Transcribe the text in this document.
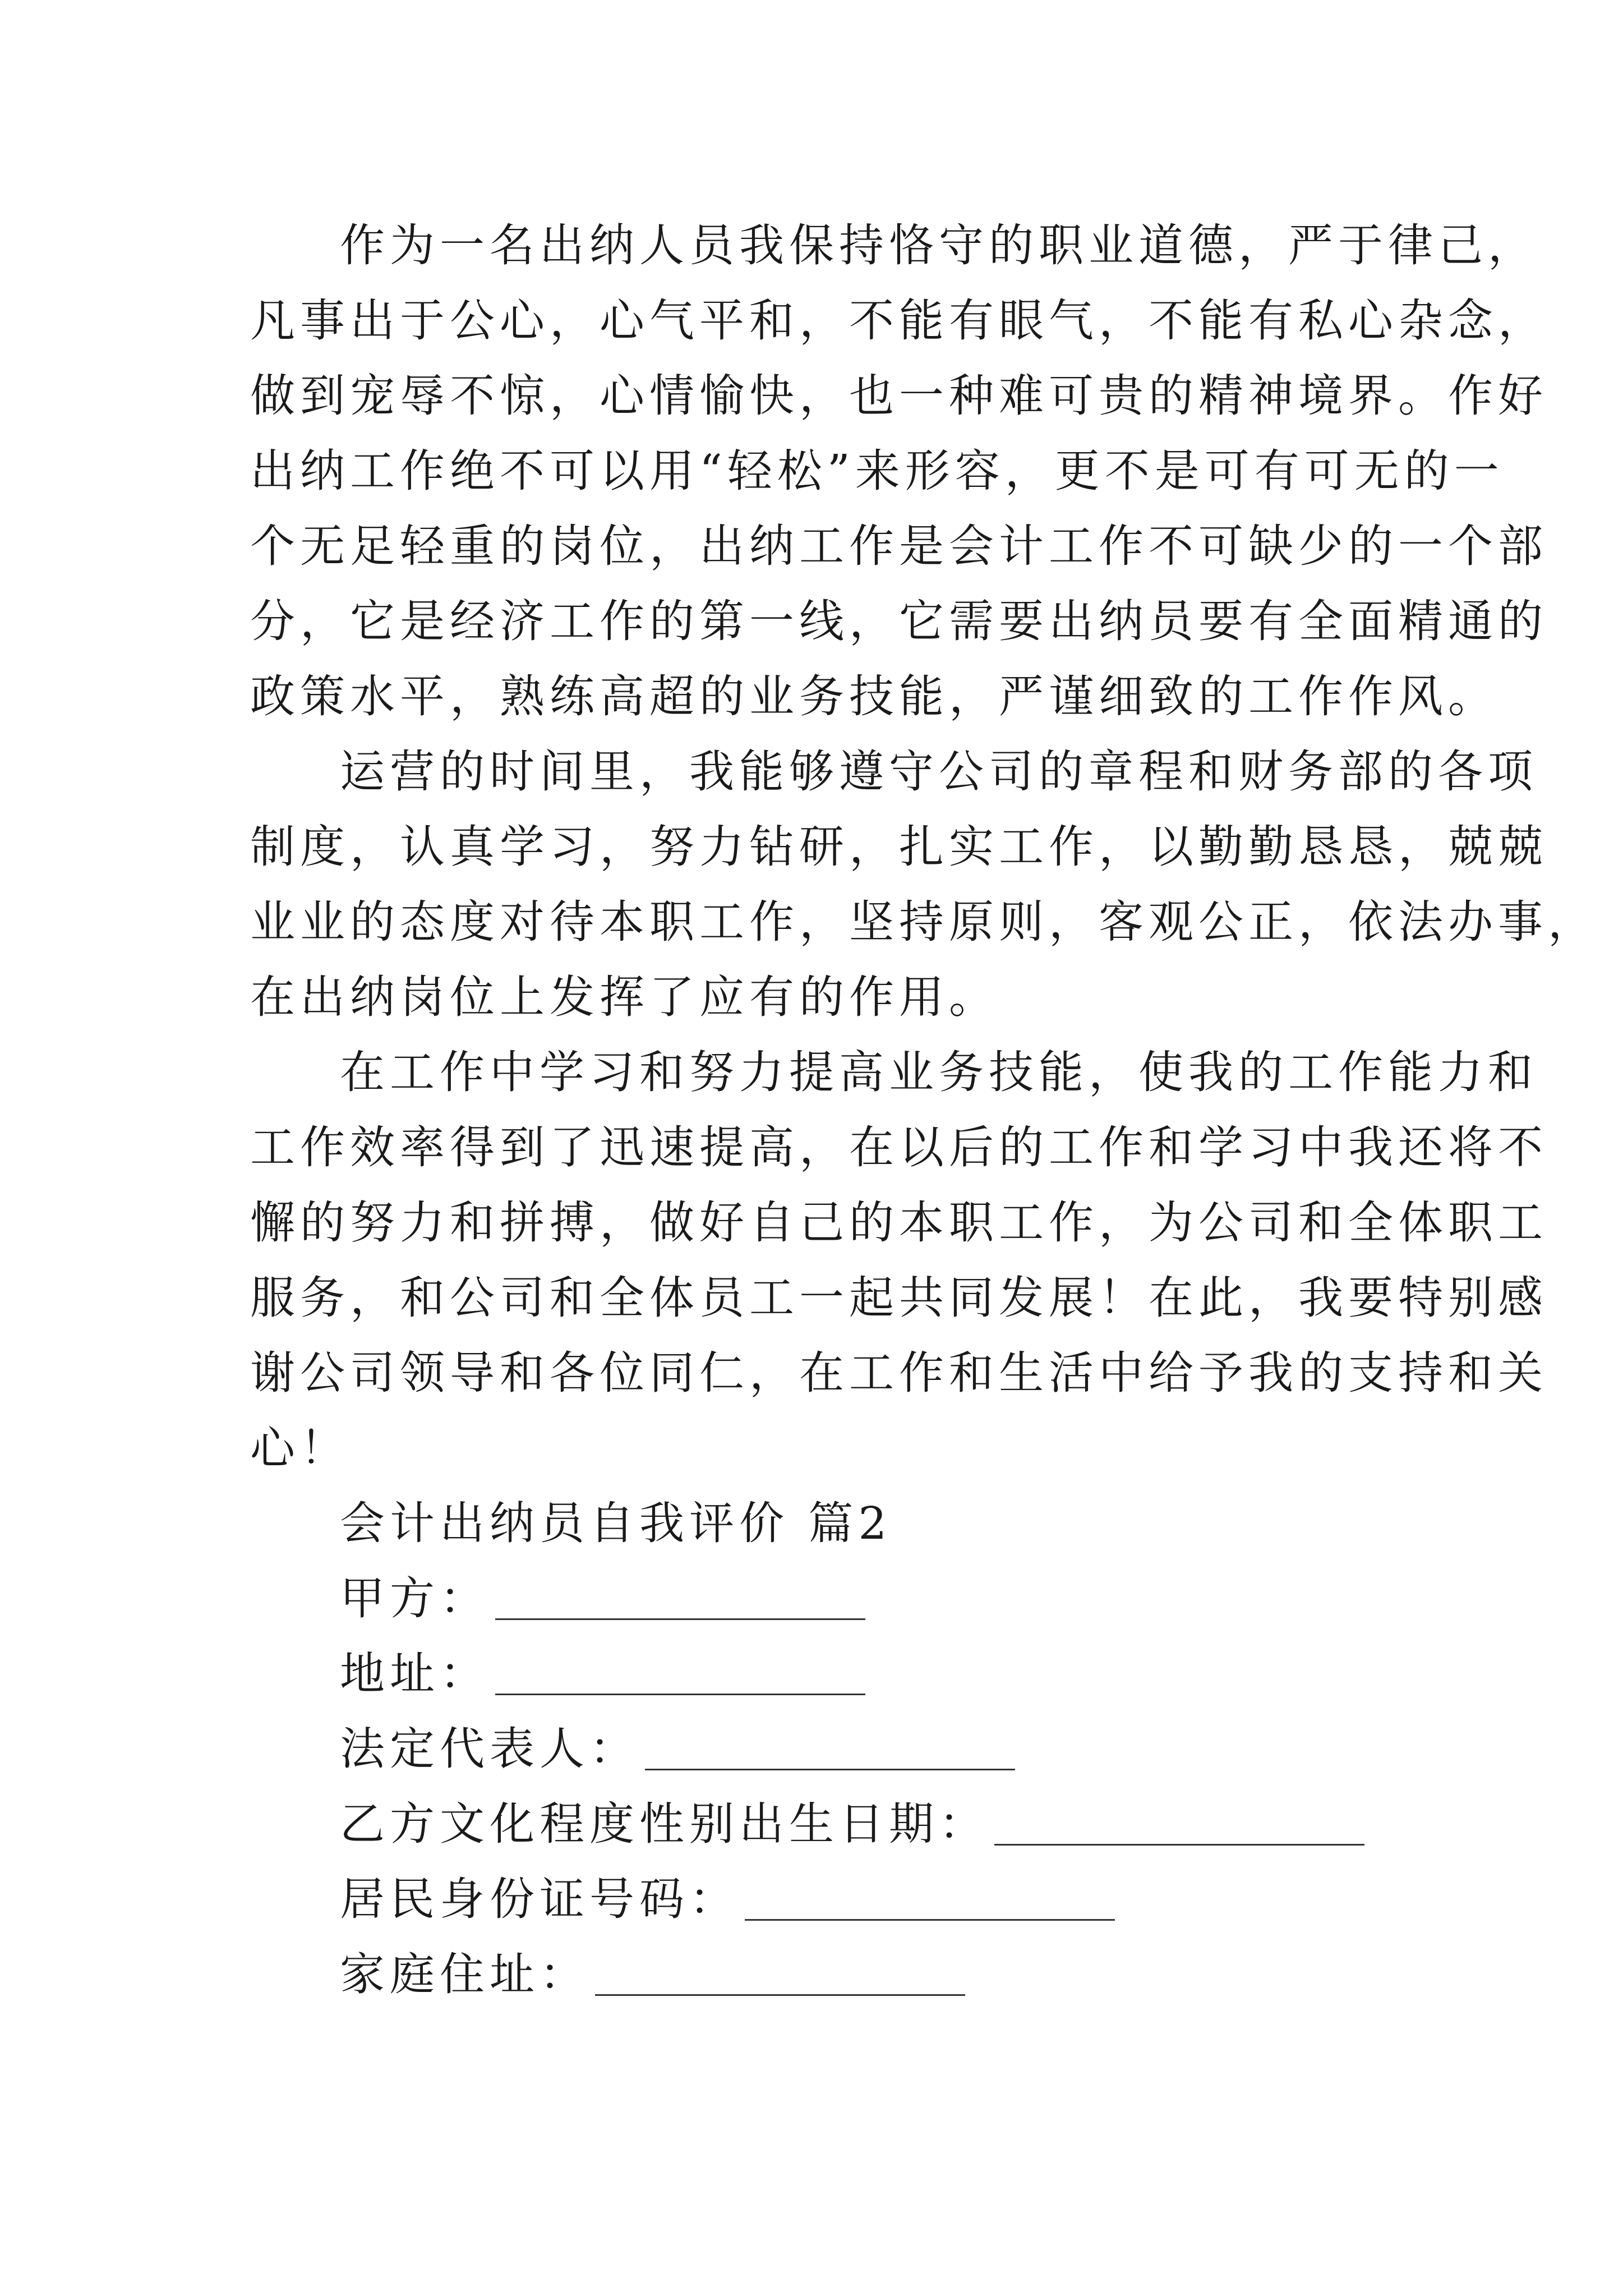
作为一名出纳人员我保持恪守的职业道德，严于律己，
凡事出于公心，心气平和，不能有眼气，不能有私心杂念，
做到宠辱不惊，心情愉快，也一种难可贵的精神境界。作好
出纳工作绝不可以用“轻松”来形容，更不是可有可无的一
个无足轻重的岗位，出纳工作是会计工作不可缺少的一个部
分，它是经济工作的第一线，它需要出纳员要有全面精通的
政策水平，熟练高超的业务技能，严谨细致的工作作风。
运营的时间里，我能够遵守公司的章程和财务部的各项
制度，认真学习，努力钻研，扎实工作，以勤勤恳恳，兢兢
业业的态度对待本职工作，坚持原则，客观公正，依法办事，
在出纳岗位上发挥了应有的作用。
在工作中学习和努力提高业务技能，使我的工作能力和
工作效率得到了迅速提高，在以后的工作和学习中我还将不
懈的努力和拼搏，做好自己的本职工作，为公司和全体职工
服务，和公司和全体员工一起共同发展！在此，我要特别感
谢公司领导和各位同仁，在工作和生活中给予我的支持和关
心！
会计出纳员自我评价 篇2
甲方：
地址：
法定代表人：
乙方文化程度性别出生日期：
居民身份证号码：
家庭住址：
